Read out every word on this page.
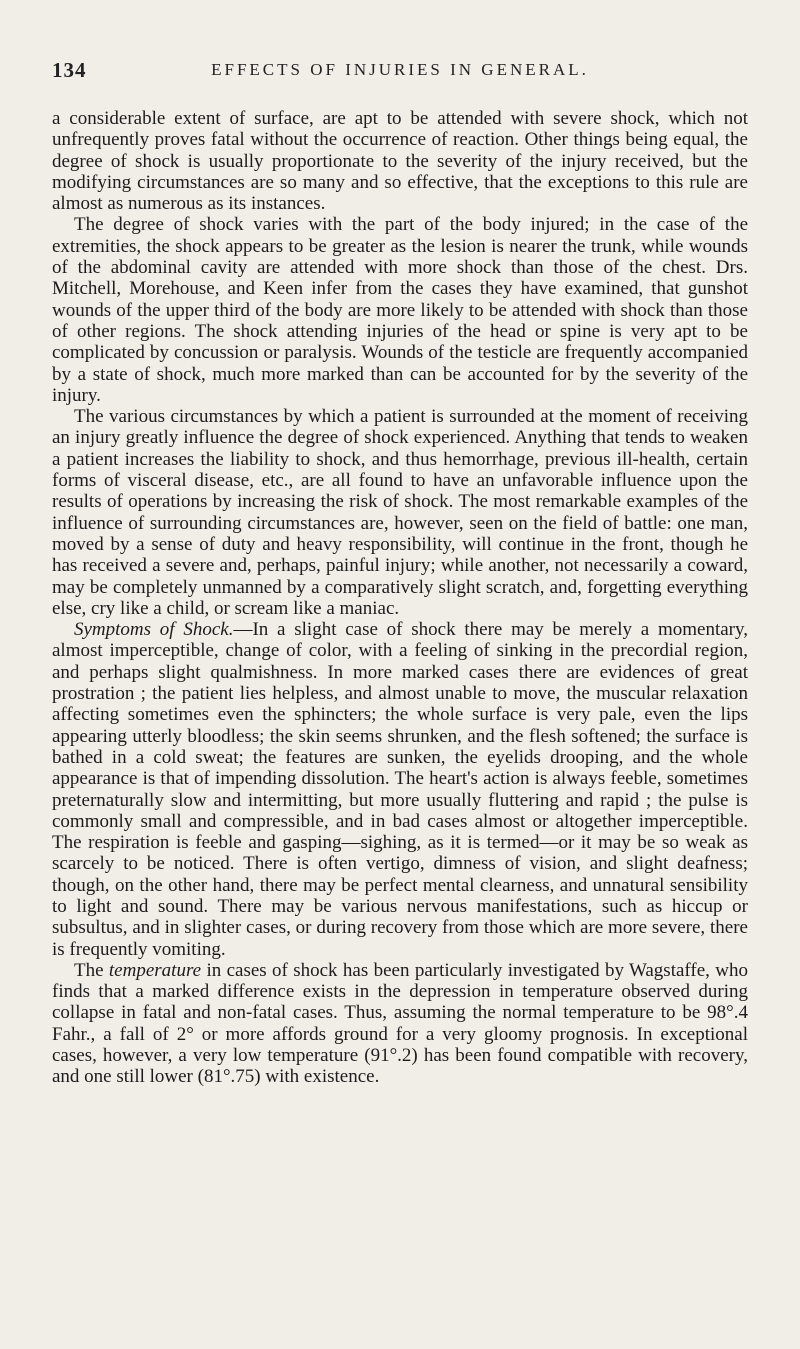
134	EFFECTS OF INJURIES IN GENERAL.

a considerable extent of surface, are apt to be attended with severe shock, which not unfrequently proves fatal without the occurrence of reaction. Other things being equal, the degree of shock is usually proportionate to the severity of the injury received, but the modifying circumstances are so many and so effective, that the exceptions to this rule are almost as numerous as its instances.

The degree of shock varies with the part of the body injured; in the case of the extremities, the shock appears to be greater as the lesion is nearer the trunk, while wounds of the abdominal cavity are attended with more shock than those of the chest. Drs. Mitchell, Morehouse, and Keen infer from the cases they have examined, that gunshot wounds of the upper third of the body are more likely to be attended with shock than those of other regions. The shock attending injuries of the head or spine is very apt to be complicated by concussion or paralysis. Wounds of the testicle are frequently accompanied by a state of shock, much more marked than can be accounted for by the severity of the injury.

The various circumstances by which a patient is surrounded at the moment of receiving an injury greatly influence the degree of shock experienced. Anything that tends to weaken a patient increases the liability to shock, and thus hemorrhage, previous ill-health, certain forms of visceral disease, etc., are all found to have an unfavorable influence upon the results of operations by increasing the risk of shock. The most remarkable examples of the influence of surrounding circumstances are, however, seen on the field of battle: one man, moved by a sense of duty and heavy responsibility, will continue in the front, though he has received a severe and, perhaps, painful injury; while another, not necessarily a coward, may be completely unmanned by a comparatively slight scratch, and, forgetting everything else, cry like a child, or scream like a maniac.

Symptoms of Shock.—In a slight case of shock there may be merely a momentary, almost imperceptible, change of color, with a feeling of sinking in the precordial region, and perhaps slight qualmishness. In more marked cases there are evidences of great prostration ; the patient lies helpless, and almost unable to move, the muscular relaxation affecting sometimes even the sphincters; the whole surface is very pale, even the lips appearing utterly bloodless; the skin seems shrunken, and the flesh softened; the surface is bathed in a cold sweat; the features are sunken, the eyelids drooping, and the whole appearance is that of impending dissolution. The heart's action is always feeble, sometimes preternaturally slow and intermitting, but more usually fluttering and rapid ; the pulse is commonly small and compressible, and in bad cases almost or altogether imperceptible. The respiration is feeble and gasping—sighing, as it is termed—or it may be so weak as scarcely to be noticed. There is often vertigo, dimness of vision, and slight deafness; though, on the other hand, there may be perfect mental clearness, and unnatural sensibility to light and sound. There may be various nervous manifestations, such as hiccup or subsultus, and in slighter cases, or during recovery from those which are more severe, there is frequently vomiting.

The temperature in cases of shock has been particularly investigated by Wagstaffe, who finds that a marked difference exists in the depression in temperature observed during collapse in fatal and non-fatal cases. Thus, assuming the normal temperature to be 98°.4 Fahr., a fall of 2° or more affords ground for a very gloomy prognosis. In exceptional cases, however, a very low temperature (91°.2) has been found compatible with recovery, and one still lower (81°.75) with existence.
